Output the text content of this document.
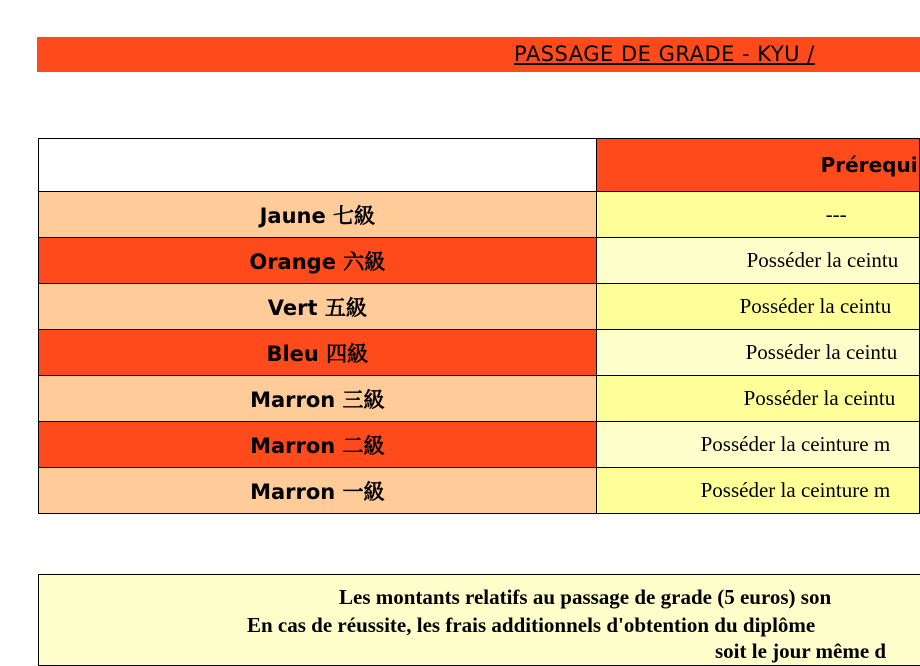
PASSAGE DE GRADE - KYU /
	Prérequi
Jaune 七級	---
Orange 六級	Posséder la ceintu
Vert 五級	Posséder la ceintu
Bleu 四級	Posséder la ceintu
Marron 三級	Posséder la ceintu
Marron 二級	Posséder la ceinture m
Marron 一級	Posséder la ceinture m
Les montants relatifs au passage de grade (5 euros) son
En cas de réussite, les frais additionnels d'obtention du diplôme
soit le jour même d
